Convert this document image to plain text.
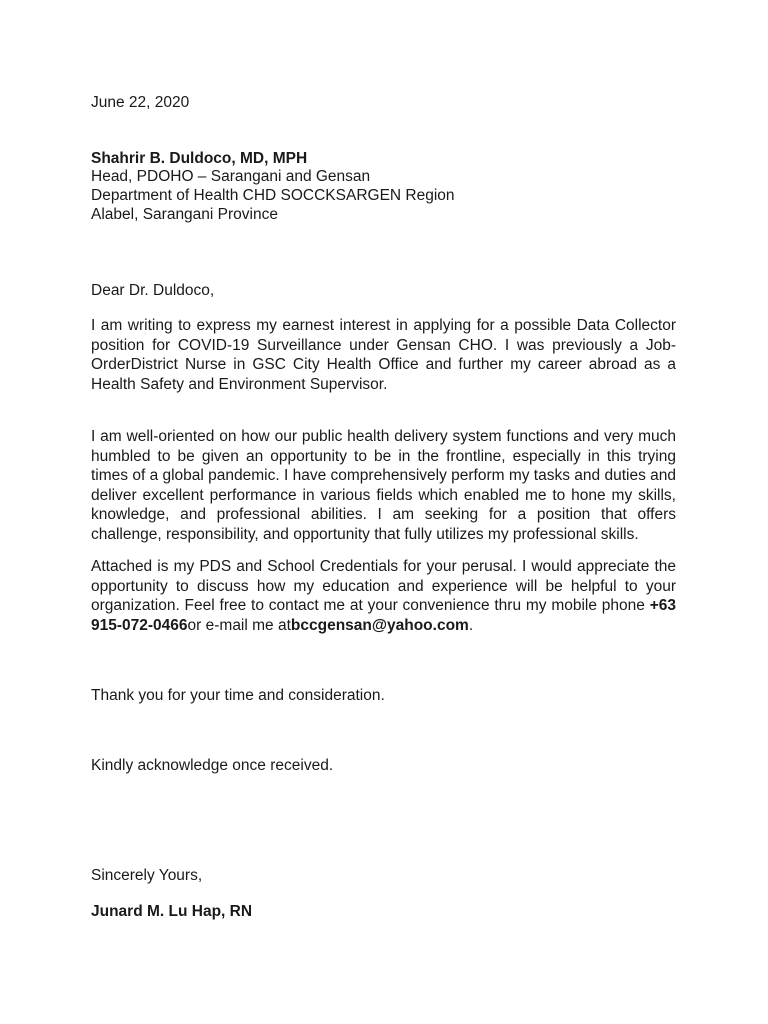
June 22, 2020
Shahrir B. Duldoco, MD, MPH
Head, PDOHO – Sarangani and Gensan
Department of Health CHD SOCCKSARGEN Region
Alabel, Sarangani Province
Dear Dr. Duldoco,

I am writing to express my earnest interest in applying for a possible Data Collector position for COVID-19 Surveillance under Gensan CHO. I was previously a Job-OrderDistrict Nurse in GSC City Health Office and further my career abroad as a Health Safety and Environment Supervisor.

I am well-oriented on how our public health delivery system functions and very much humbled to be given an opportunity to be in the frontline, especially in this trying times of a global pandemic. I have comprehensively perform my tasks and duties and deliver excellent performance in various fields which enabled me to hone my skills, knowledge, and professional abilities. I am seeking for a position that offers challenge, responsibility, and opportunity that fully utilizes my professional skills.

Attached is my PDS and School Credentials for your perusal. I would appreciate the opportunity to discuss how my education and experience will be helpful to your organization. Feel free to contact me at your convenience thru my mobile phone +63 915-072-0466or e-mail me atbccgensan@yahoo.com.

Thank you for your time and consideration.
Kindly acknowledge once received.
Sincerely Yours,
Junard M. Lu Hap, RN
